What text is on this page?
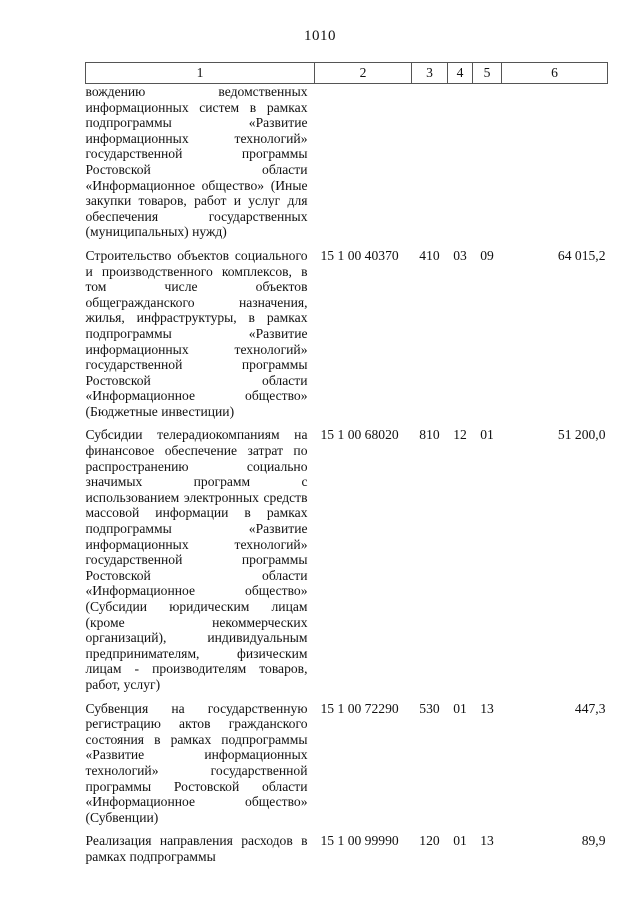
1010
1	2	3	4	5	6
вождению ведомственных информационных систем в рамках подпрограммы «Развитие информационных технологий» государственной программы Ростовской области «Информационное общество» (Иные закупки товаров, работ и услуг для обеспечения государственных (муниципальных) нужд)					
Строительство объектов социального и производственного комплексов, в том числе объектов общегражданского назначения, жилья, инфраструктуры, в рамках подпрограммы «Развитие информационных технологий» государственной программы Ростовской области «Информационное общество» (Бюджетные инвестиции)	15 1 00 40370	410	03	09	64 015,2
Субсидии телерадиокомпаниям на финансовое обеспечение затрат по распространению социально значимых программ с использованием электронных средств массовой информации в рамках подпрограммы «Развитие информационных технологий» государственной программы Ростовской области «Информационное общество» (Субсидии юридическим лицам (кроме некоммерческих организаций), индивидуальным предпринимателям, физическим лицам - производителям товаров, работ, услуг)	15 1 00 68020	810	12	01	51 200,0
Субвенция на государственную регистрацию актов гражданского состояния в рамках подпрограммы «Развитие информационных технологий» государственной программы Ростовской области «Информационное общество» (Субвенции)	15 1 00 72290	530	01	13	447,3
Реализация направления расходов в рамках подпрограммы	15 1 00 99990	120	01	13	89,9
